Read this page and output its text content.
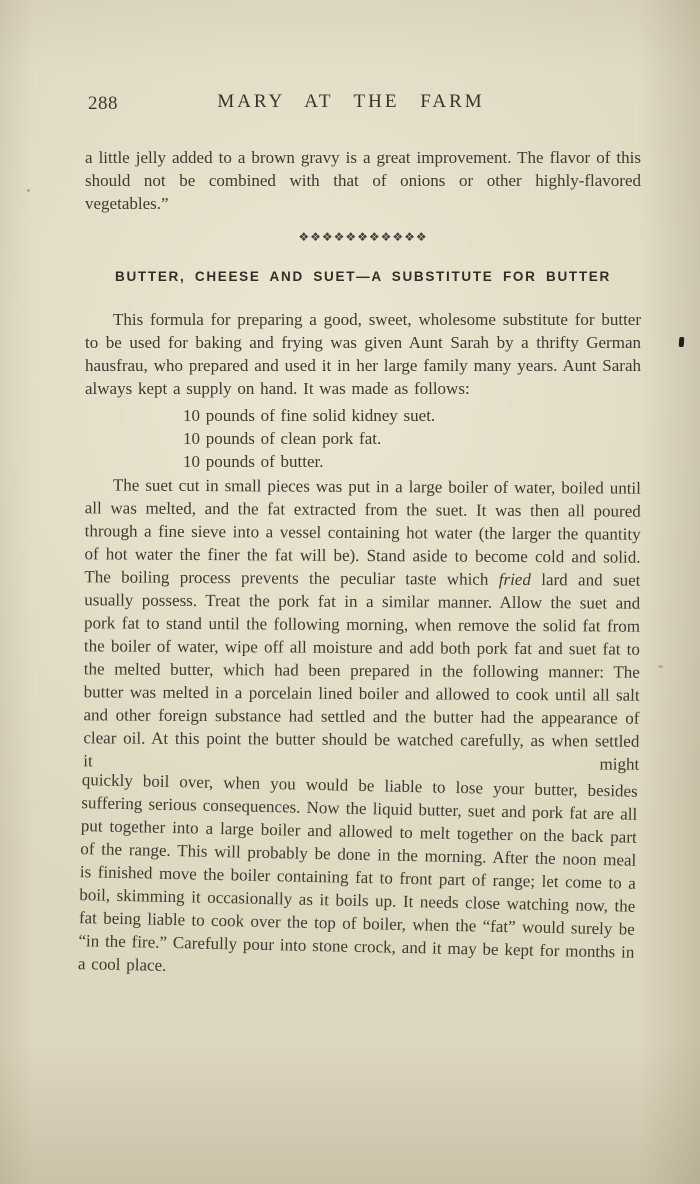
288	MARY AT THE FARM
a little jelly added to a brown gravy is a great improvement. The flavor of this should not be combined with that of onions or other highly-flavored vegetables.”
❖❖❖❖❖❖❖❖❖❖❖
BUTTER, CHEESE AND SUET—A SUBSTITUTE FOR BUTTER
This formula for preparing a good, sweet, wholesome substitute for butter to be used for baking and frying was given Aunt Sarah by a thrifty German hausfrau, who prepared and used it in her large family many years. Aunt Sarah always kept a supply on hand. It was made as follows:
10 pounds of fine solid kidney suet.
10 pounds of clean pork fat.
10 pounds of butter.
The suet cut in small pieces was put in a large boiler of water, boiled until all was melted, and the fat extracted from the suet. It was then all poured through a fine sieve into a vessel containing hot water (the larger the quantity of hot water the finer the fat will be). Stand aside to become cold and solid. The boiling process prevents the peculiar taste which fried lard and suet usually possess. Treat the pork fat in a similar manner. Allow the suet and pork fat to stand until the following morning, when remove the solid fat from the boiler of water, wipe off all moisture and add both pork fat and suet fat to the melted butter, which had been prepared in the following manner: The butter was melted in a porcelain lined boiler and allowed to cook until all salt and other foreign substance had settled and the butter had the appearance of clear oil. At this point the butter should be watched carefully, as when settled it might
quickly boil over, when you would be liable to lose your butter, besides suffering serious consequences. Now the liquid butter, suet and pork fat are all put together into a large boiler and allowed to melt together on the back part of the range. This will probably be done in the morning. After the noon meal is finished move the boiler containing fat to front part of range; let come to a boil, skimming it occasionally as it boils up. It needs close watching now, the fat being liable to cook over the top of boiler, when the “fat” would surely be “in the fire.” Carefully pour into stone crock, and it may be kept for months in a cool place.
